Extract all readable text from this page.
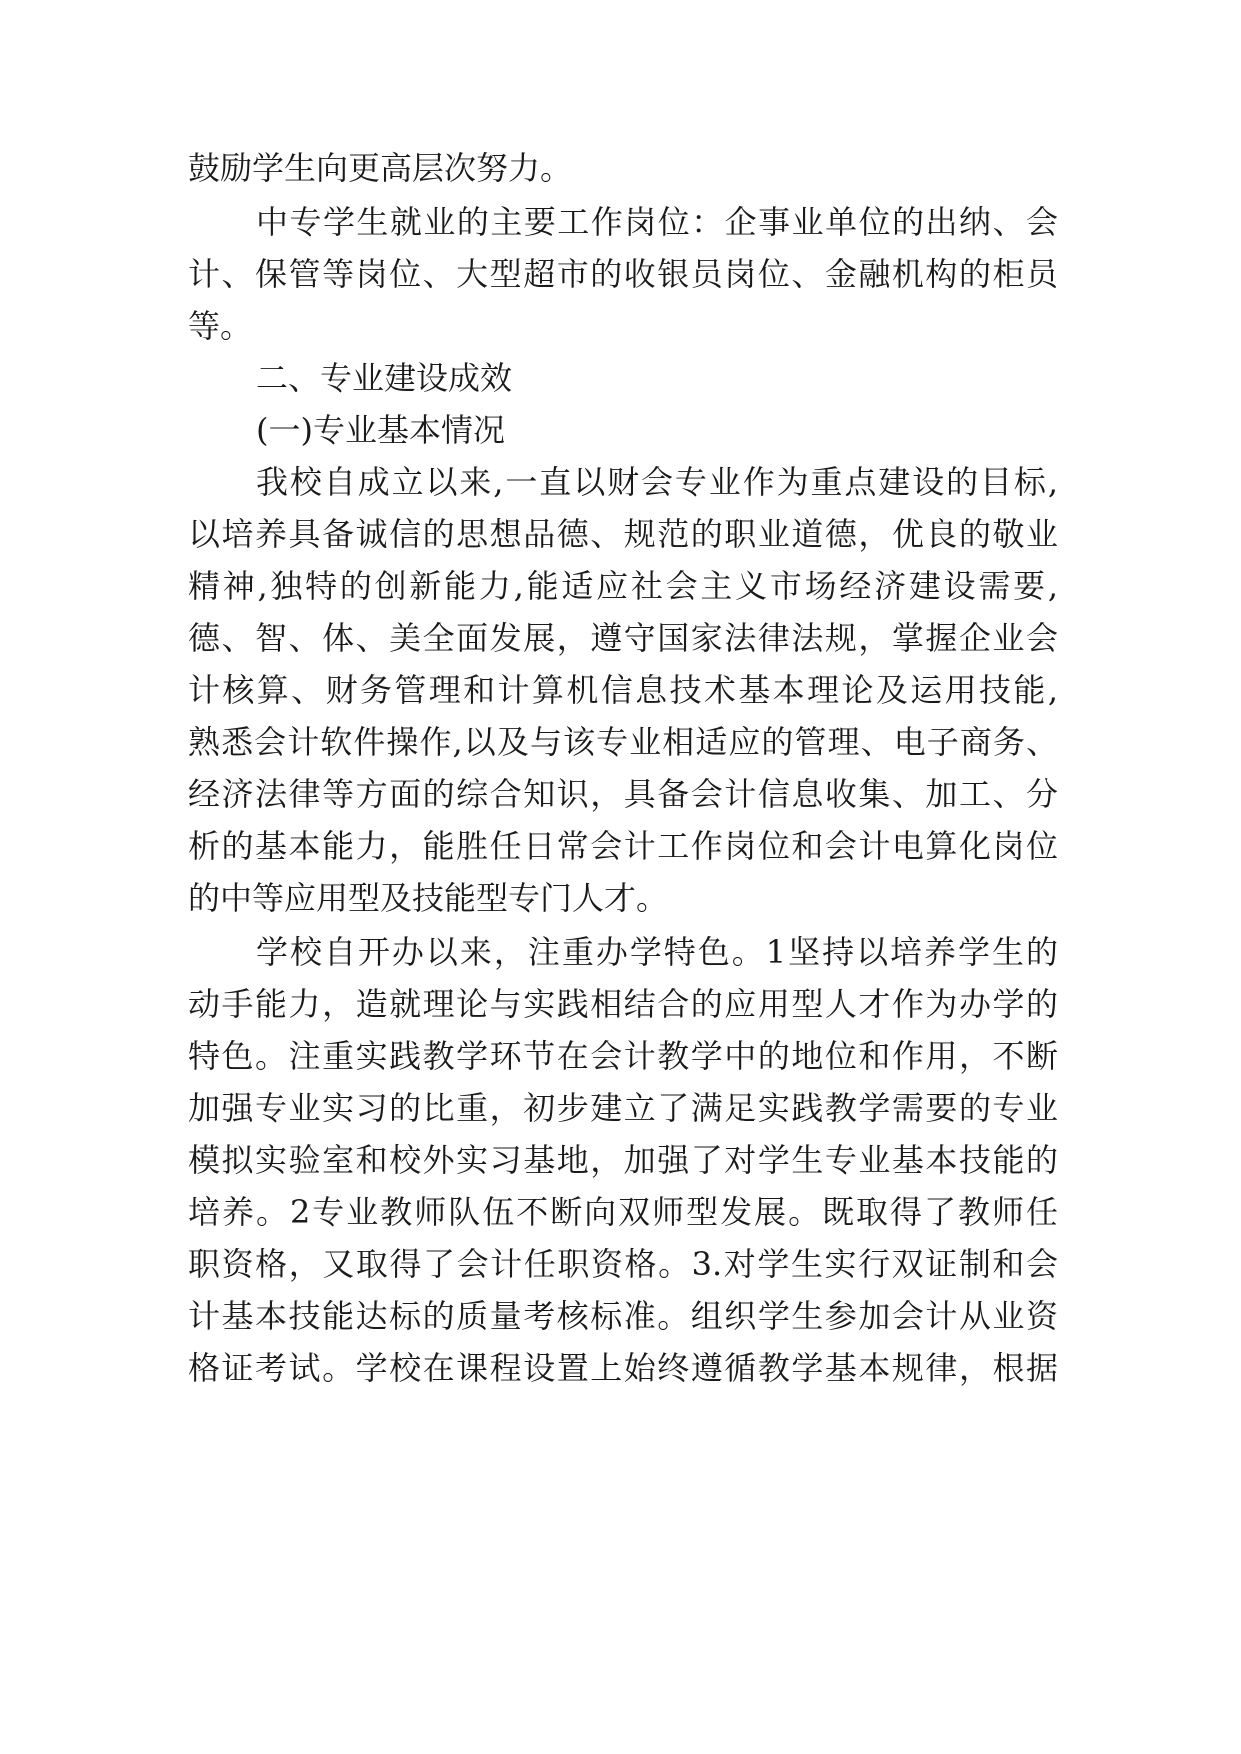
鼓励学生向更高层次努力。
中专学生就业的主要工作岗位：企事业单位的出纳、会
计、保管等岗位、大型超市的收银员岗位、金融机构的柜员
等。
二、专业建设成效
(一)专业基本情况
我校自成立以来,一直以财会专业作为重点建设的目标,
以培养具备诚信的思想品德、规范的职业道德，优良的敬业
精神,独特的创新能力,能适应社会主义市场经济建设需要,
德、智、体、美全面发展，遵守国家法律法规，掌握企业会
计核算、财务管理和计算机信息技术基本理论及运用技能,
熟悉会计软件操作,以及与该专业相适应的管理、电子商务、
经济法律等方面的综合知识，具备会计信息收集、加工、分
析的基本能力，能胜任日常会计工作岗位和会计电算化岗位
的中等应用型及技能型专门人才。
学校自开办以来，注重办学特色。1坚持以培养学生的
动手能力，造就理论与实践相结合的应用型人才作为办学的
特色。注重实践教学环节在会计教学中的地位和作用，不断
加强专业实习的比重，初步建立了满足实践教学需要的专业
模拟实验室和校外实习基地，加强了对学生专业基本技能的
培养。2专业教师队伍不断向双师型发展。既取得了教师任
职资格，又取得了会计任职资格。3.对学生实行双证制和会
计基本技能达标的质量考核标准。组织学生参加会计从业资
格证考试。学校在课程设置上始终遵循教学基本规律，根据
